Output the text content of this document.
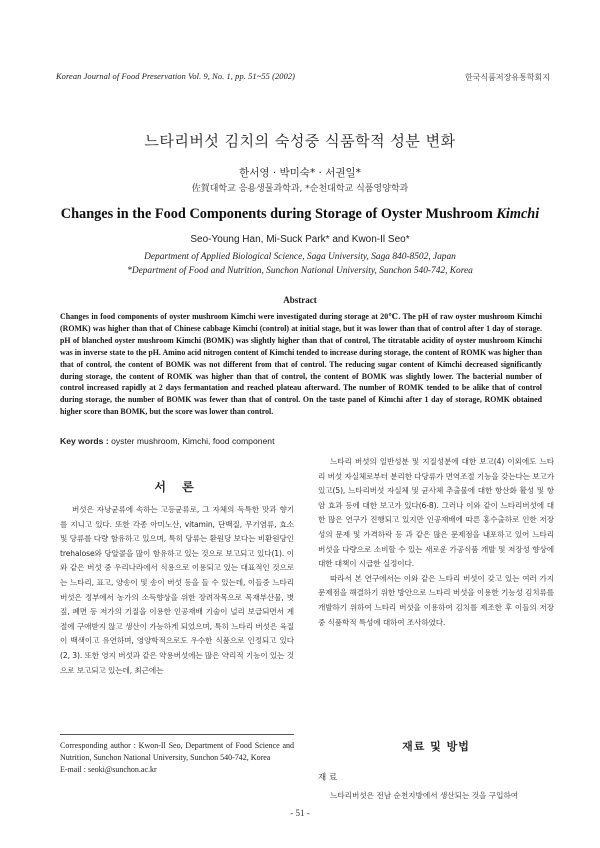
Korean Journal of Food Preservation Vol. 9, No. 1, pp. 51~55 (2002)	한국식품저장유통학회지
느타리버섯 김치의 숙성중 식품학적 성분 변화
한서영 · 박미숙* · 서권일*
佐賀대학교 응용생물과학과, *순천대학교 식품영양학과
Changes in the Food Components during Storage of Oyster Mushroom Kimchi
Seo-Young Han, Mi-Suck Park* and Kwon-Il Seo*
Department of Applied Biological Science, Saga University, Saga 840-8502, Japan
*Department of Food and Nutrition, Sunchon National University, Sunchon 540-742, Korea
Abstract
Changes in food components of oyster mushroom Kimchi were investigated during storage at 20℃. The pH of raw oyster mushroom Kimchi (ROMK) was higher than that of Chinese cabbage Kimchi (control) at initial stage, but it was lower than that of control after 1 day of storage. pH of blanched oyster mushroom Kimchi (BOMK) was slightly higher than that of control, The titratable acidity of oyster mushroom Kimchi was in inverse state to the pH. Amino acid nitrogen content of Kimchi tended to increase during storage, the content of ROMK was higher than that of control, the content of BOMK was not different from that of control. The reducing sugar content of Kimchi decreased significantly during storage, the content of ROMK was higher than that of control, the content of BOMK was slightly lower. The bacterial number of control increased rapidly at 2 days fermantation and reached plateau afterward. The number of ROMK tended to be alike that of control during storage, the number of BOMK was fewer than that of control. On the taste panel of Kimchi after 1 day of storage, ROMK obtained higher score than BOMK, but the score was lower than control.
Key words : oyster mushroom, Kimchi, food component
서 론
버섯은 자낭균류에 속하는 고등균류로, 그 자체의 독특한 맛과 향기를 지니고 있다. 또한 각종 아미노산, vitamin, 단백질, 무기염류, 효소 및 당류를 다량 함유하고 있으며, 특히 당류는 환원당 보다는 비환원당인 trehalose와 당알콜을 많이 함유하고 있는 것으로 보고되고 있다(1). 이와 같은 버섯 중 우리나라에서 식용으로 이용되고 있는 대표적인 것으로는 느타리, 표고, 양송이 및 송이 버섯 등을 들 수 있는데, 이들중 느타리 버섯은 정부에서 농가의 소득향상을 위한 장려작목으로 목재부산물, 볏짚, 폐면 등 저가의 기질을 이용한 인공재배 기술이 널리 보급되면서 계절에 구애받지 않고 생산이 가능하게 되었으며, 특히 느타리 버섯은 육질이 백색이고 유연하며, 영양학적으로도 우수한 식품으로 인정되고 있다(2, 3). 또한 영지 버섯과 같은 약용버섯에는 많은 약리적 기능이 있는 것으로 보고되고 있는데, 최근에는
느타리 버섯의 일반성분 및 지질성분에 대한 보고(4) 이외에도 느타리 버섯 자실체로부터 분리한 다당류가 면역조절 기능을 갖는다는 보고가 있고(5), 느타리버섯 자실체 및 균사체 추출물에 대한 항산화 활성 및 항암 효과 등에 대한 보고가 있다(6-8). 그러나 이와 같이 느타리버섯에 대한 많은 연구가 진행되고 있지만 인공재배에 따른 홍수출하로 인한 저장성의 문제 및 가격하락 등 과 같은 많은 문제점을 내포하고 있어 느타리 버섯을 다량으로 소비할 수 있는 새로운 가공식품 개발 및 저장성 향상에 대한 대책이 시급한 실정이다.
따라서 본 연구에서는 이와 같은 느타리 버섯이 갖고 있는 여러 가지 문제점을 해결하기 위한 방안으로 느타리 버섯을 이용한 기능성 김치류를 개발하기 위하여 느타리 버섯을 이용하여 김치를 제조한 후 이들의 저장 중 식품학적 특성에 대하여 조사하였다.
Corresponding author : Kwon-Il Seo, Department of Food Science and Nutrition, Sunchon National University, Sunchon 540-742, Korea
E-mail : seoki@sunchon.ac.kr
재료 및 방법
재 료
느타리버섯은 전남 순천지방에서 생산되는 것을 구입하여
- 51 -
